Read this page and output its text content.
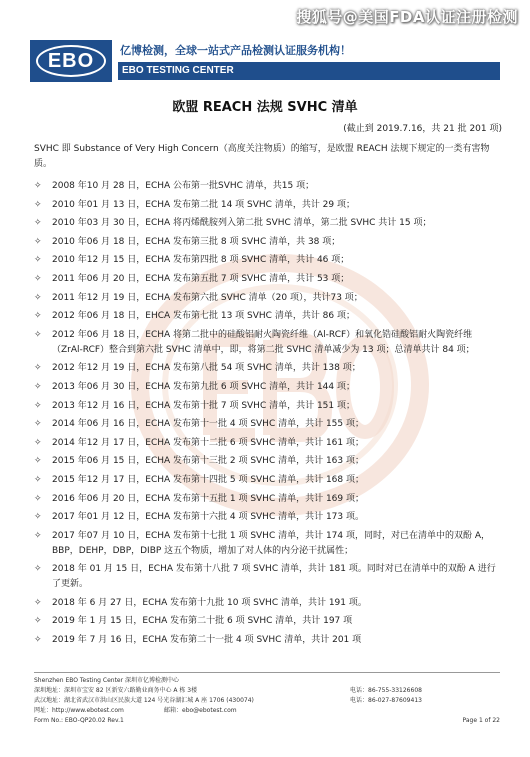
搜狐号@美国FDA认证注册检测
EBO 亿博检测，全球一站式产品检测认证服务机构！
EBO TESTING CENTER
欧盟 REACH 法规 SVHC 清单
(截止到 2019.7.16，共 21 批 201 项)
SVHC 即 Substance of Very High Concern（高度关注物质）的缩写，是欧盟 REACH 法规下规定的一类有害物质。
✧ 2008 年10 月 28 日，ECHA 公布第一批SVHC 清单，共15 项；
✧ 2010 年01 月 13 日，ECHA 发布第二批 14 项 SVHC 清单，共计 29 项；
✧ 2010 年03 月 30 日，ECHA 将丙烯酰胺列入第二批 SVHC 清单，第二批 SVHC 共计 15 项；
✧ 2010 年06 月 18 日，ECHA 发布第三批 8 项 SVHC 清单，共 38 项；
✧ 2010 年12 月 15 日，ECHA 发布第四批 8 项 SVHC 清单，共计 46 项；
✧ 2011 年06 月 20 日，ECHA 发布第五批 7 项 SVHC 清单，共计 53 项；
✧ 2011 年12 月 19 日，ECHA 发布第六批 SVHC 清单（20 项），共计73 项；
✧ 2012 年06 月 18 日，EHCA 发布第七批 13 项 SVHC 清单，共计 86 项；
✧ 2012 年06 月 18 日，ECHA 将第二批中的硅酸铝耐火陶瓷纤维（Al-RCF）和氧化锆硅酸铝耐火陶瓷纤维（ZrAl-RCF）整合到第六批 SVHC 清单中，即，将第二批 SVHC 清单减少为 13 项；总清单共计 84 项；
✧ 2012 年12 月 19 日，ECHA 发布第八批 54 项 SVHC 清单，共计 138 项；
✧ 2013 年06 月 30 日，ECHA 发布第九批 6 项 SVHC 清单，共计 144 项；
✧ 2013 年12 月 16 日，ECHA 发布第十批 7 项 SVHC 清单，共计 151 项；
✧ 2014 年06 月 16 日，ECHA 发布第十一批 4 项 SVHC 清单，共计 155 项；
✧ 2014 年12 月 17 日，ECHA 发布第十二批 6 项 SVHC 清单，共计 161 项；
✧ 2015 年06 月 15 日，ECHA 发布第十三批 2 项 SVHC 清单，共计 163 项；
✧ 2015 年12 月 17 日，ECHA 发布第十四批 5 项 SVHC 清单，共计 168 项；
✧ 2016 年06 月 20 日，ECHA 发布第十五批 1 项 SVHC 清单，共计 169 项；
✧ 2017 年01 月 12 日，ECHA 发布第十六批 4 项 SVHC 清单，共计 173 项。
✧ 2017 年07 月 10 日，ECHA 发布第十七批 1 项 SVHC 清单，共计 174 项，同时，对已在清单中的双酚 A，BBP，DEHP，DBP，DIBP 这五个物质，增加了对人体的内分泌干扰属性；
✧ 2018 年 01 月 15 日，ECHA 发布第十八批 7 项 SVHC 清单，共计 181 项。同时对已在清单中的双酚 A 进行了更新。
✧ 2018 年 6 月 27 日，ECHA 发布第十九批 10 项 SVHC 清单，共计 191 项。
✧ 2019 年 1 月 15 日，ECHA 发布第二十批 6 项 SVHC 清单，共计 197 项
✧ 2019 年 7 月 16 日，ECHA 发布第二十一批 4 项 SVHC 清单，共计 201 项
Shenzhen EBO Testing Center 深圳市亿博检测中心
深圳地址：深圳市宝安 82 区新安六路勤业商务中心 A 栋 3楼	电话：86-755-33126608
武汉地址：湖北省武汉市洪山区民族大道 124 号光谷湖汇城 A 座 1706 (430074)	电话：86-027-87609413
网址：http://www.ebotest.com	邮箱：ebo@ebotest.com
Form No.: EBO-QP20.02 Rev.1	Page 1 of 22
